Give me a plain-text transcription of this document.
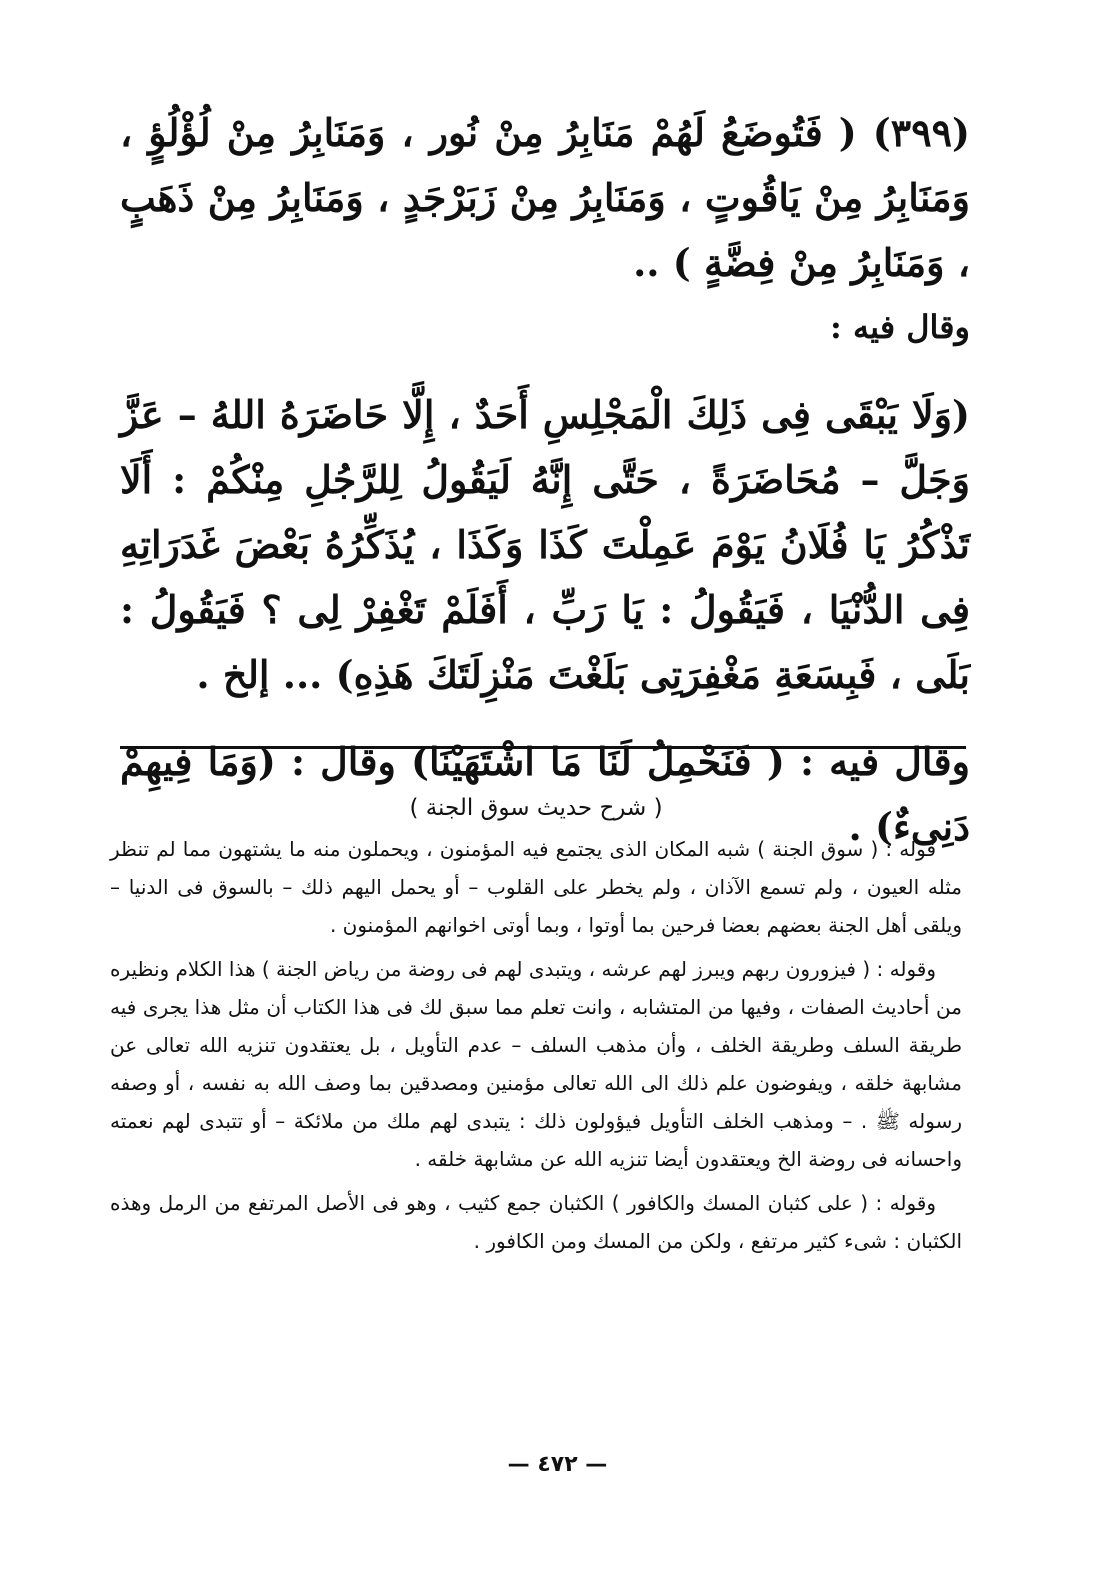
(٣٩٩) ( فَتُوضَعُ لَهُمْ مَنَابِرُ مِنْ نُور ، وَمَنَابِرُ مِنْ لُؤْلُؤٍ ، وَمَنَابِرُ مِنْ يَاقُوتٍ ، وَمَنَابِرُ مِنْ زَبَرْجَدٍ ، وَمَنَابِرُ مِنْ ذَهَبٍ ، وَمَنَابِرُ مِنْ فِضَّةٍ ) ..

وقال فيه :

(وَلَا يَبْقَى فِى ذَلِكَ الْمَجْلِسِ أَحَدٌ ، إِلَّا حَاضَرَهُ اللهُ – عَزَّ وَجَلَّ – مُحَاضَرَةً ، حَتَّى إِنَّهُ لَيَقُولُ لِلرَّجُلِ مِنْكُمْ : أَلَا تَذْكُرُ يَا فُلَانُ يَوْمَ عَمِلْتَ كَذَا وَكَذَا ، يُذَكِّرُهُ بَعْضَ غَدَرَاتِهِ فِى الدُّنْيَا ، فَيَقُولُ : يَا رَبِّ ، أَفَلَمْ تَغْفِرْ لِى ؟ فَيَقُولُ : بَلَى ، فَبِسَعَةِ مَغْفِرَتِى بَلَغْتَ مَنْزِلَتَكَ هَذِهِ) ... إلخ .

وقال فيه : ( فَنَحْمِلُ لَنَا مَا اشْتَهَيْنَا) وقال : (وَمَا فِيهِمْ دَنِىءٌ) .

( شرح حديث سوق الجنة )

قوله : ( سوق الجنة ) شبه المكان الذى يجتمع فيه المؤمنون ، ويحملون منه ما يشتهون مما لم تنظر مثله العيون ، ولم تسمع الآذان ، ولم يخطر على القلوب – أو يحمل اليهم ذلك – بالسوق فى الدنيا – ويلقى أهل الجنة بعضهم بعضا فرحين بما أوتوا ، وبما أوتى اخوانهم المؤمنون .

وقوله : ( فيزورون ربهم ويبرز لهم عرشه ، ويتبدى لهم فى روضة من رياض الجنة ) هذا الكلام ونظيره من أحاديث الصفات ، وفيها من المتشابه ، وانت تعلم مما سبق لك فى هذا الكتاب أن مثل هذا يجرى فيه طريقة السلف وطريقة الخلف ، وأن مذهب السلف – عدم التأويل ، بل يعتقدون تنزيه الله تعالى عن مشابهة خلقه ، ويفوضون علم ذلك الى الله تعالى مؤمنين ومصدقين بما وصف الله به نفسه ، أو وصفه رسوله ﷺ . – ومذهب الخلف التأويل فيؤولون ذلك : يتبدى لهم ملك من ملائكة – أو تتبدى لهم نعمته واحسانه فى روضة الخ ويعتقدون أيضا تنزيه الله عن مشابهة خلقه .

وقوله : ( على كثبان المسك والكافور ) الكثبان جمع كثيب ، وهو فى الأصل المرتفع من الرمل وهذه الكثبان : شىء كثير مرتفع ، ولكن من المسك ومن الكافور .

— ٤٧٢ —
